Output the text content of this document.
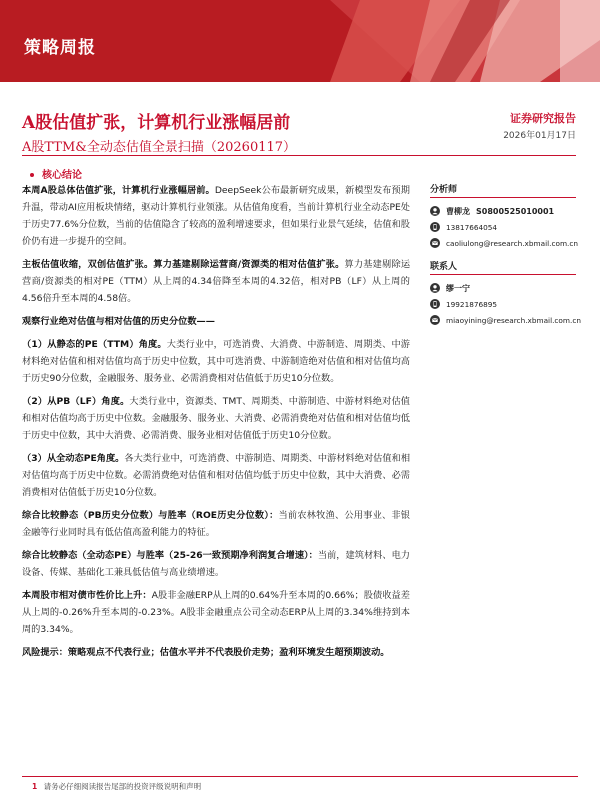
策略周报
A股估值扩张，计算机行业涨幅居前
A股TTM&全动态估值全景扫描（20260117）
证券研究报告
2026年01月17日
核心结论

本周A股总体估值扩张，计算机行业涨幅居前。DeepSeek公布最新研究成果，新模型发布预期升温，带动AI应用板块情绪，驱动计算机行业领涨。从估值角度看，当前计算机行业全动态PE处于历史77.6%分位数，当前的估值隐含了较高的盈利增速要求，但如果行业景气延续，估值和股价仍有进一步提升的空间。

主板估值收缩，双创估值扩张。算力基建剔除运营商/资源类的相对估值扩张。算力基建剔除运营商/资源类的相对PE（TTM）从上周的4.34倍降至本周的4.32倍，相对PB（LF）从上周的4.56倍升至本周的4.58倍。

观察行业绝对估值与相对估值的历史分位数——

（1）从静态的PE（TTM）角度。大类行业中，可选消费、大消费、中游制造、周期类、中游材料绝对估值和相对估值均高于历史中位数，其中可选消费、中游制造绝对估值和相对估值均高于历史90分位数，金融服务、服务业、必需消费相对估值低于历史10分位数。

（2）从PB（LF）角度。大类行业中，资源类、TMT、周期类、中游制造、中游材料绝对估值和相对估值均高于历史中位数。金融服务、服务业、大消费、必需消费绝对估值和相对估值均低于历史中位数，其中大消费、必需消费、服务业相对估值低于历史10分位数。

（3）从全动态PE角度。各大类行业中，可选消费、中游制造、周期类、中游材料绝对估值和相对估值均高于历史中位数。必需消费绝对估值和相对估值均低于历史中位数，其中大消费、必需消费相对估值低于历史10分位数。

综合比较静态（PB历史分位数）与胜率（ROE历史分位数）：当前农林牧渔、公用事业、非银金融等行业同时具有低估值高盈利能力的特征。

综合比较静态（全动态PE）与胜率（25-26一致预期净利润复合增速）：当前，建筑材料、电力设备、传媒、基础化工兼具低估值与高业绩增速。

本周股市相对债市性价比上升：A股非金融ERP从上周的0.64%升至本周的0.66%；股债收益差从上周的-0.26%升至本周的-0.23%。A股非金融重点公司全动态ERP从上周的3.34%维持到本周的3.34%。

风险提示：策略观点不代表行业；估值水平并不代表股价走势；盈利环境发生超预期波动。

分析师
曹柳龙 S0800525010001
13817664054
caoliulong@research.xbmail.com.cn
联系人
缪一宁
19921876895
miaoyining@research.xbmail.com.cn
1 请务必仔细阅读报告尾部的投资评级说明和声明
